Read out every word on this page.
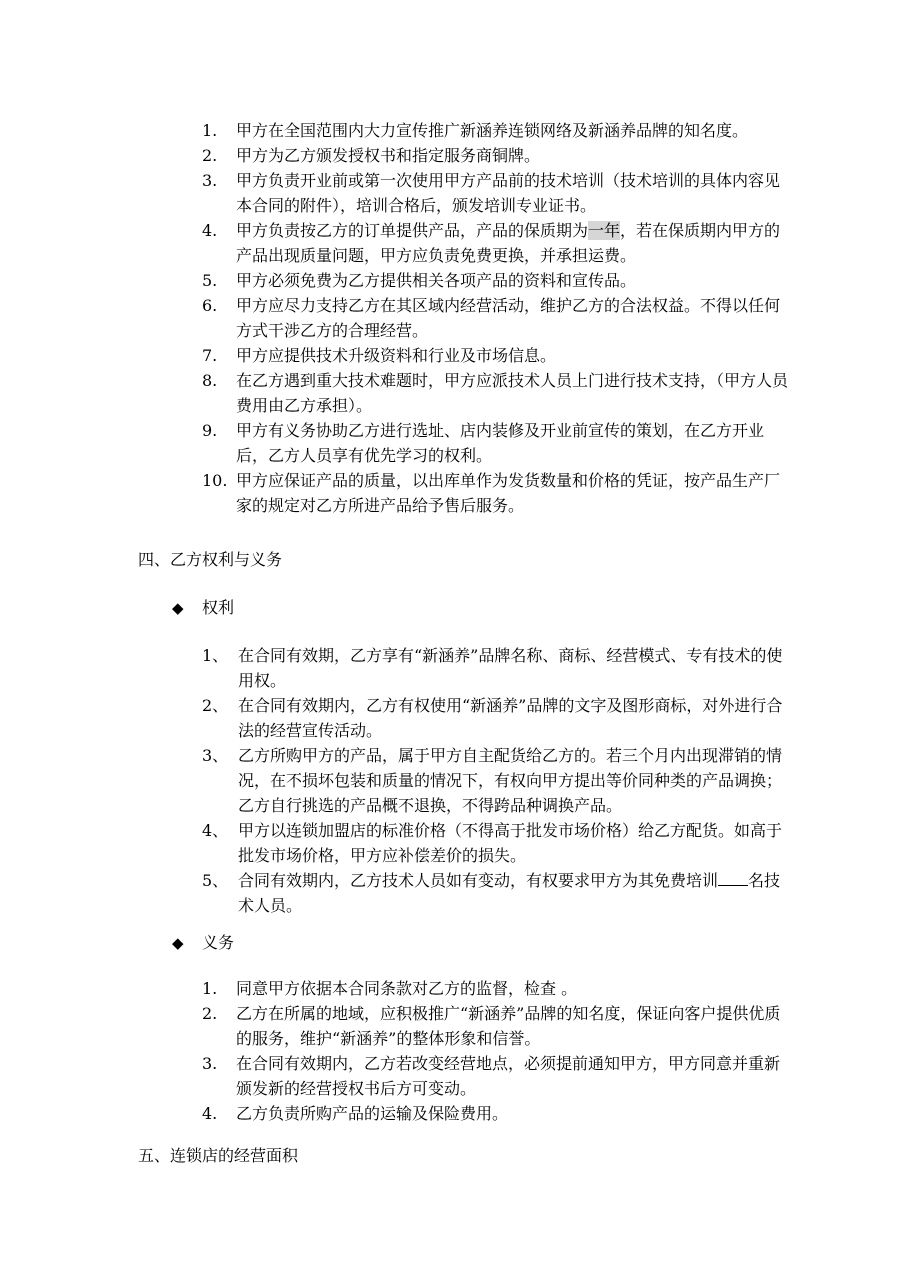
1. 甲方在全国范围内大力宣传推广新涵养连锁网络及新涵养品牌的知名度。
2. 甲方为乙方颁发授权书和指定服务商铜牌。
3. 甲方负责开业前或第一次使用甲方产品前的技术培训（技术培训的具体内容见本合同的附件），培训合格后，颁发培训专业证书。
4. 甲方负责按乙方的订单提供产品，产品的保质期为一年，若在保质期内甲方的产品出现质量问题，甲方应负责免费更换，并承担运费。
5. 甲方必须免费为乙方提供相关各项产品的资料和宣传品。
6. 甲方应尽力支持乙方在其区域内经营活动，维护乙方的合法权益。不得以任何方式干涉乙方的合理经营。
7. 甲方应提供技术升级资料和行业及市场信息。
8. 在乙方遇到重大技术难题时，甲方应派技术人员上门进行技术支持，（甲方人员费用由乙方承担）。
9. 甲方有义务协助乙方进行选址、店内装修及开业前宣传的策划，在乙方开业后，乙方人员享有优先学习的权利。
10. 甲方应保证产品的质量，以出库单作为发货数量和价格的凭证，按产品生产厂家的规定对乙方所进产品给予售后服务。
四、乙方权利与义务
◆ 权利
1、 在合同有效期，乙方享有“新涵养”品牌名称、商标、经营模式、专有技术的使用权。
2、 在合同有效期内，乙方有权使用“新涵养”品牌的文字及图形商标，对外进行合法的经营宣传活动。
3、 乙方所购甲方的产品，属于甲方自主配货给乙方的。若三个月内出现滞销的情况，在不损坏包装和质量的情况下，有权向甲方提出等价同种类的产品调换；乙方自行挑选的产品概不退换，不得跨品种调换产品。
4、 甲方以连锁加盟店的标准价格（不得高于批发市场价格）给乙方配货。如高于批发市场价格，甲方应补偿差价的损失。
5、 合同有效期内，乙方技术人员如有变动，有权要求甲方为其免费培训 名技术人员。
◆ 义务
1. 同意甲方依据本合同条款对乙方的监督，检查 。
2. 乙方在所属的地域，应积极推广“新涵养”品牌的知名度，保证向客户提供优质的服务，维护“新涵养”的整体形象和信誉。
3. 在合同有效期内，乙方若改变经营地点，必须提前通知甲方，甲方同意并重新颁发新的经营授权书后方可变动。
4. 乙方负责所购产品的运输及保险费用。
五、连锁店的经营面积
